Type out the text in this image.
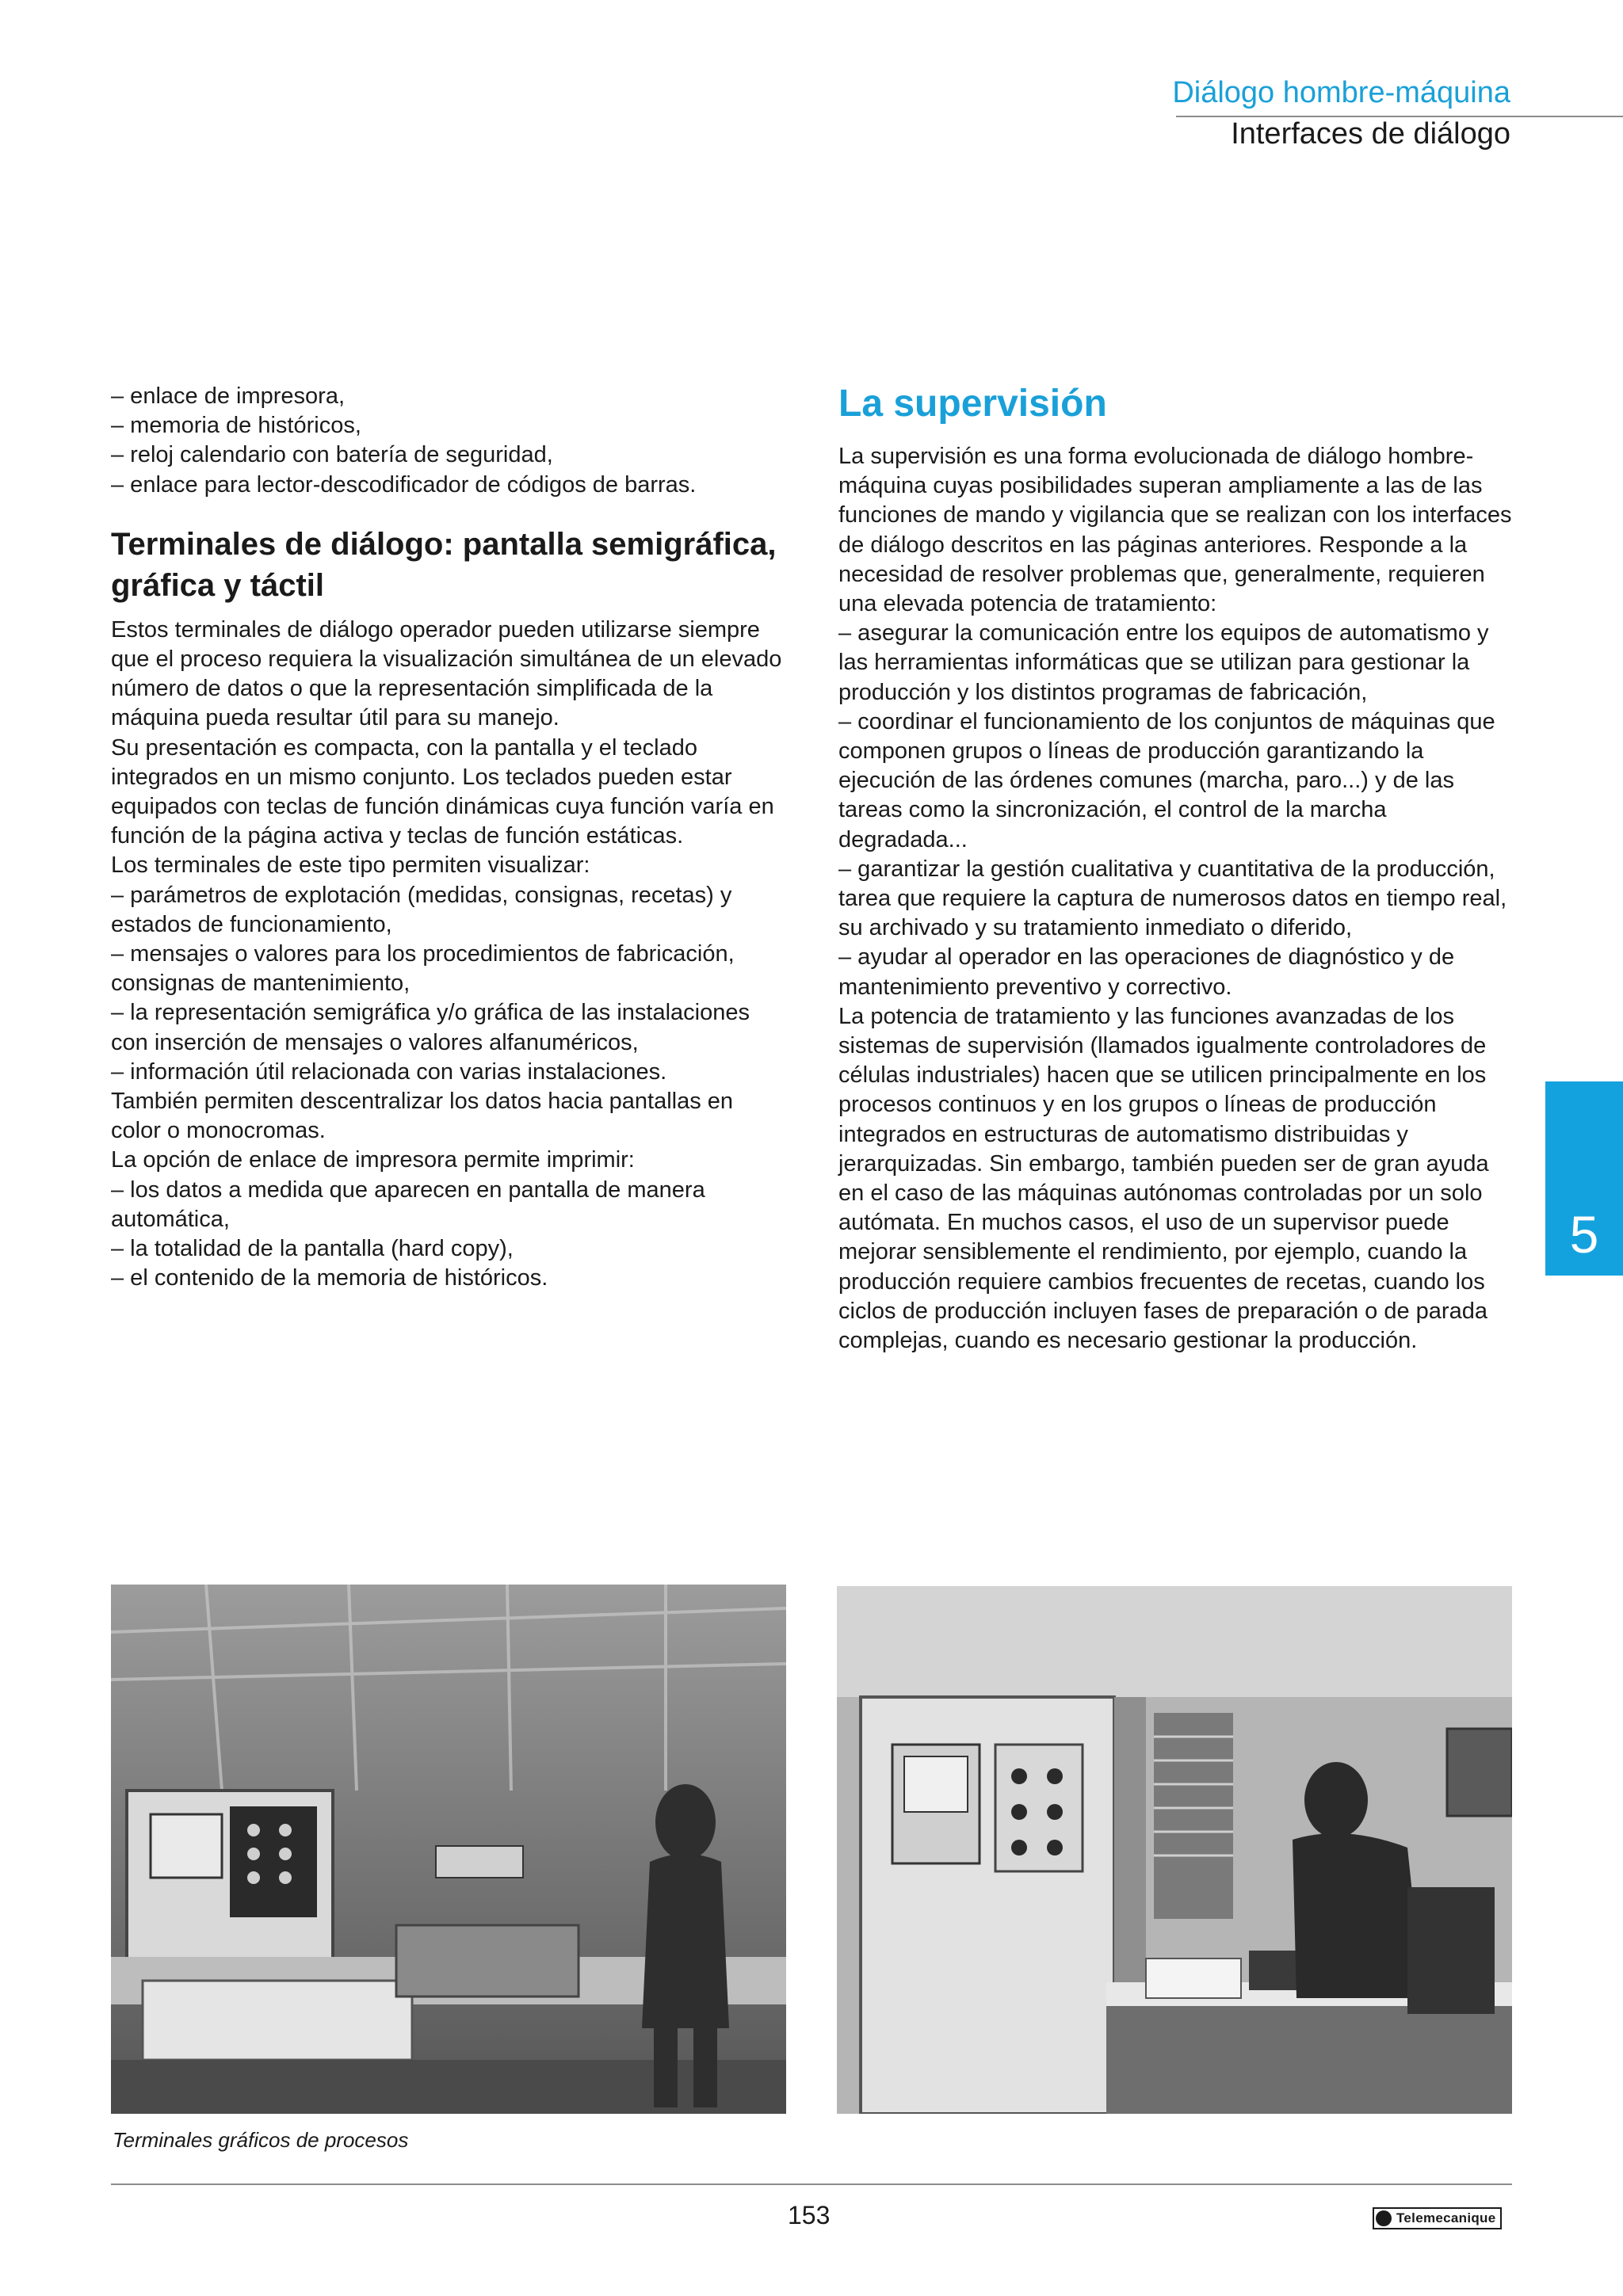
Diálogo hombre-máquina
Interfaces de diálogo

– enlace de impresora,

– memoria de históricos,

– reloj calendario con batería de seguridad,

– enlace para lector-descodificador de códigos de barras.

Terminales de diálogo: pantalla semigráfica, gráfica y táctil

Estos terminales de diálogo operador pueden utilizarse siempre que el proceso requiera la visualización simultánea de un elevado número de datos o que la representación simplificada de la máquina pueda resultar útil para su manejo.

Su presentación es compacta, con la pantalla y el teclado integrados en un mismo conjunto. Los teclados pueden estar equipados con teclas de función dinámicas cuya función varía en función de la página activa y teclas de función estáticas.

Los terminales de este tipo permiten visualizar:

– parámetros de explotación (medidas, consignas, recetas) y estados de funcionamiento,

– mensajes o valores para los procedimientos de fabricación, consignas de mantenimiento,

– la representación semigráfica y/o gráfica de las instalaciones con inserción de mensajes o valores alfanuméricos,

– información útil relacionada con varias instalaciones.

También permiten descentralizar los datos hacia pantallas en color o monocromas.

La opción de enlace de impresora permite imprimir:

– los datos a medida que aparecen en pantalla de manera automática,

– la totalidad de la pantalla (hard copy),

– el contenido de la memoria de históricos.

La supervisión

La supervisión es una forma evolucionada de diálogo hombre-máquina cuyas posibilidades superan ampliamente a las de las funciones de mando y vigilancia que se realizan con los interfaces de diálogo descritos en las páginas anteriores. Responde a la necesidad de resolver problemas que, generalmente, requieren una elevada potencia de tratamiento:

– asegurar la comunicación entre los equipos de automatismo y las herramientas informáticas que se utilizan para gestionar la producción y los distintos programas de fabricación,

– coordinar el funcionamiento de los conjuntos de máquinas que componen grupos o líneas de producción garantizando la ejecución de las órdenes comunes (marcha, paro...) y de las tareas como la sincronización, el control de la marcha degradada...

– garantizar la gestión cualitativa y cuantitativa de la producción, tarea que requiere la captura de numerosos datos en tiempo real, su archivado y su tratamiento inmediato o diferido,

– ayudar al operador en las operaciones de diagnóstico y de mantenimiento preventivo y correctivo.

La potencia de tratamiento y las funciones avanzadas de los sistemas de supervisión (llamados igualmente controladores de células industriales) hacen que se utilicen principalmente en los procesos continuos y en los grupos o líneas de producción integrados en estructuras de automatismo distribuidas y jerarquizadas. Sin embargo, también pueden ser de gran ayuda en el caso de las máquinas autónomas controladas por un solo autómata. En muchos casos, el uso de un supervisor puede mejorar sensiblemente el rendimiento, por ejemplo, cuando la producción requiere cambios frecuentes de recetas, cuando los ciclos de producción incluyen fases de preparación o de parada complejas, cuando es necesario gestionar la producción.

5
Terminales gráficos de procesos
153	Telemecanique
